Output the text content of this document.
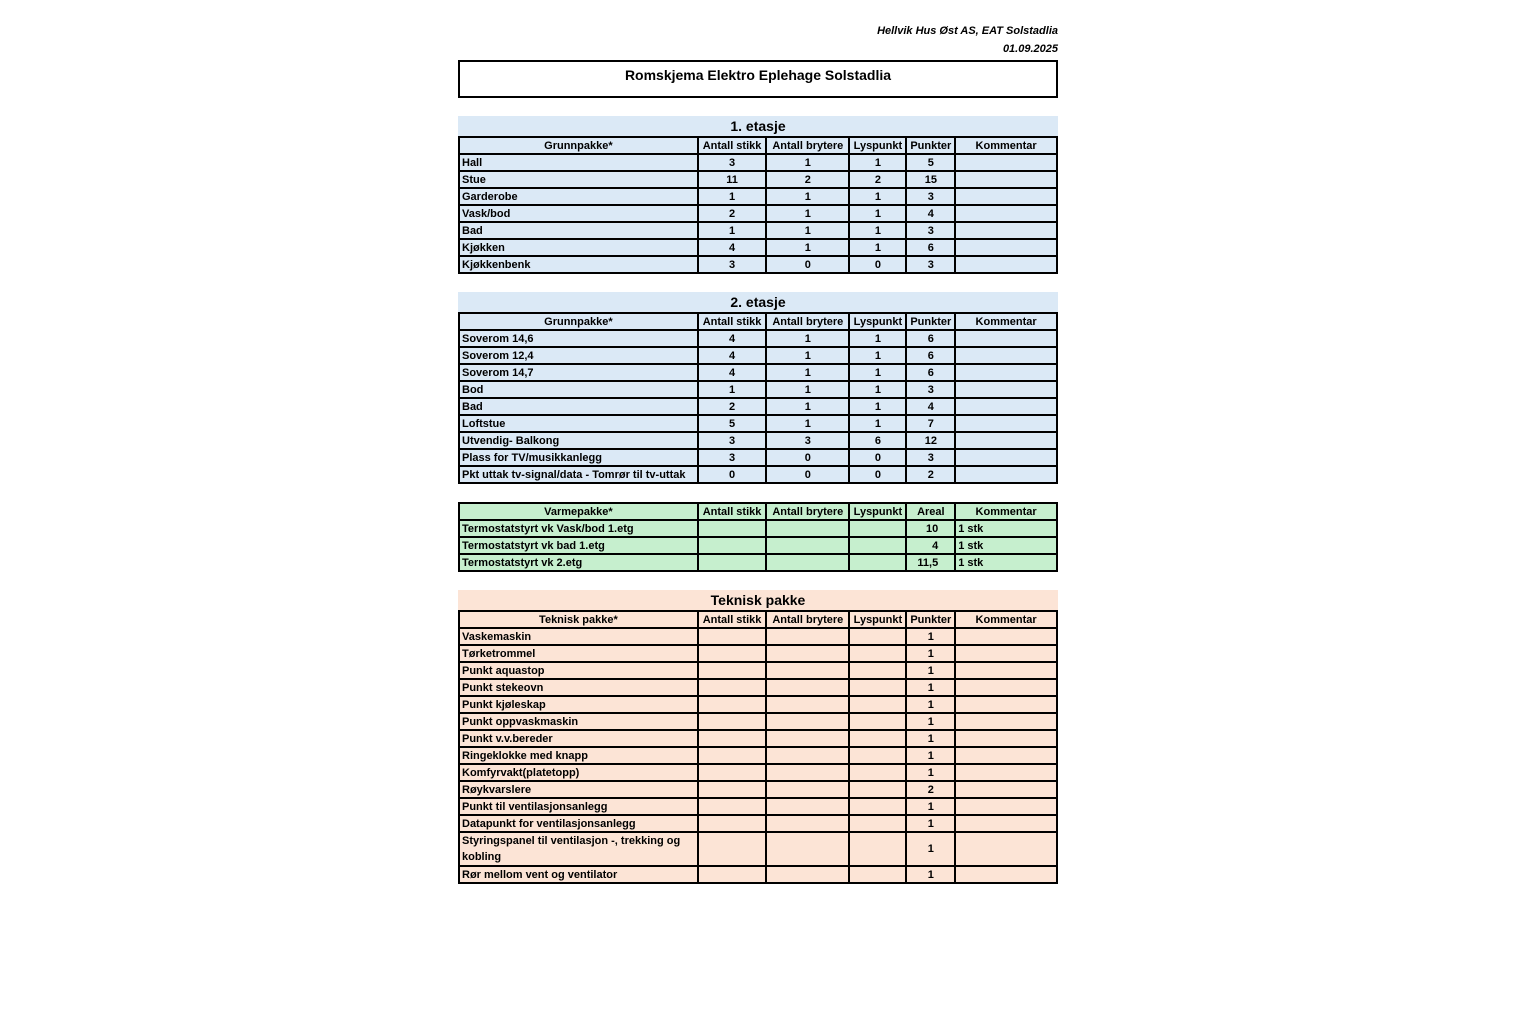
Hellvik Hus Øst AS, EAT Solstadlia
01.09.2025
Romskjema Elektro Eplehage Solstadlia
1. etasje
Grunnpakke*	Antall stikk	Antall brytere	Lyspunkt	Punkter	Kommentar
Hall	3	1	1	5	
Stue	11	2	2	15	
Garderobe	1	1	1	3	
Vask/bod	2	1	1	4	
Bad	1	1	1	3	
Kjøkken	4	1	1	6	
Kjøkkenbenk	3	0	0	3	
2. etasje
Grunnpakke*	Antall stikk	Antall brytere	Lyspunkt	Punkter	Kommentar
Soverom 14,6	4	1	1	6	
Soverom 12,4	4	1	1	6	
Soverom 14,7	4	1	1	6	
Bod	1	1	1	3	
Bad	2	1	1	4	
Loftstue	5	1	1	7	
Utvendig- Balkong	3	3	6	12	
Plass for TV/musikkanlegg	3	0	0	3	
Pkt uttak tv-signal/data - Tomrør til tv-uttak	0	0	0	2	
Varmepakke*	Antall stikk	Antall brytere	Lyspunkt	Areal	Kommentar
Termostatstyrt vk Vask/bod 1.etg				10	1 stk
Termostatstyrt vk bad 1.etg				4	1 stk
Termostatstyrt vk 2.etg				11,5	1 stk
Teknisk pakke
Teknisk pakke*	Antall stikk	Antall brytere	Lyspunkt	Punkter	Kommentar
Vaskemaskin				1	
Tørketrommel				1	
Punkt aquastop				1	
Punkt stekeovn				1	
Punkt kjøleskap				1	
Punkt oppvaskmaskin				1	
Punkt v.v.bereder				1	
Ringeklokke med knapp				1	
Komfyrvakt(platetopp)				1	
Røykvarslere				2	
Punkt til ventilasjonsanlegg				1	
Datapunkt for ventilasjonsanlegg				1	
Styringspanel til ventilasjon -, trekking og kobling				1	
Rør mellom vent og ventilator				1	
